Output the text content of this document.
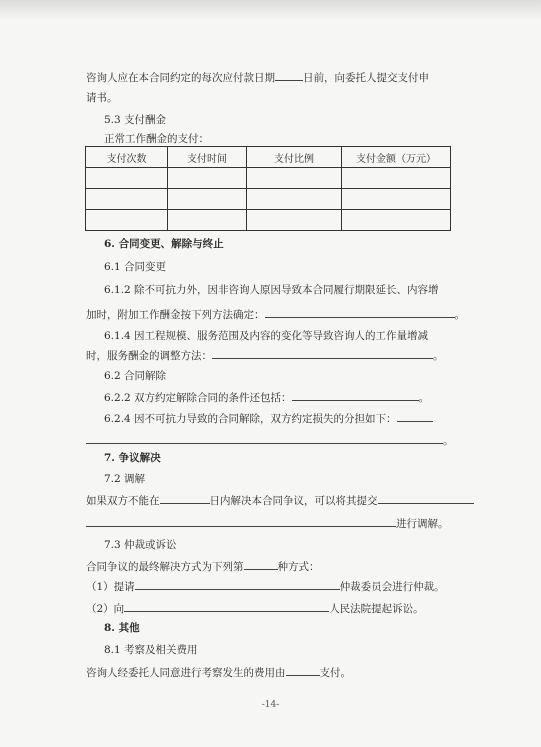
咨询人应在本合同约定的每次应付款日期	日前，向委托人提交支付申
请书。
5.3 支付酬金
正常工作酬金的支付：
支付次数	支付时间	支付比例	支付金额（万元）

6. 合同变更、解除与终止
6.1 合同变更
6.1.2 除不可抗力外，因非咨询人原因导致本合同履行期限延长、内容增
加时，附加工作酬金按下列方法确定：	。
6.1.4 因工程规模、服务范围及内容的变化等导致咨询人的工作量增减
时，服务酬金的调整方法：	。
6.2 合同解除
6.2.2 双方约定解除合同的条件还包括：	。
6.2.4 因不可抗力导致的合同解除，双方约定损失的分担如下：
。
7. 争议解决
7.2 调解
如果双方不能在	日内解决本合同争议，可以将其提交
进行调解。
7.3 仲裁或诉讼
合同争议的最终解决方式为下列第	种方式：
（1）提请	仲裁委员会进行仲裁。
（2）向	人民法院提起诉讼。
8. 其他
8.1 考察及相关费用
咨询人经委托人同意进行考察发生的费用由	支付。
-14-
